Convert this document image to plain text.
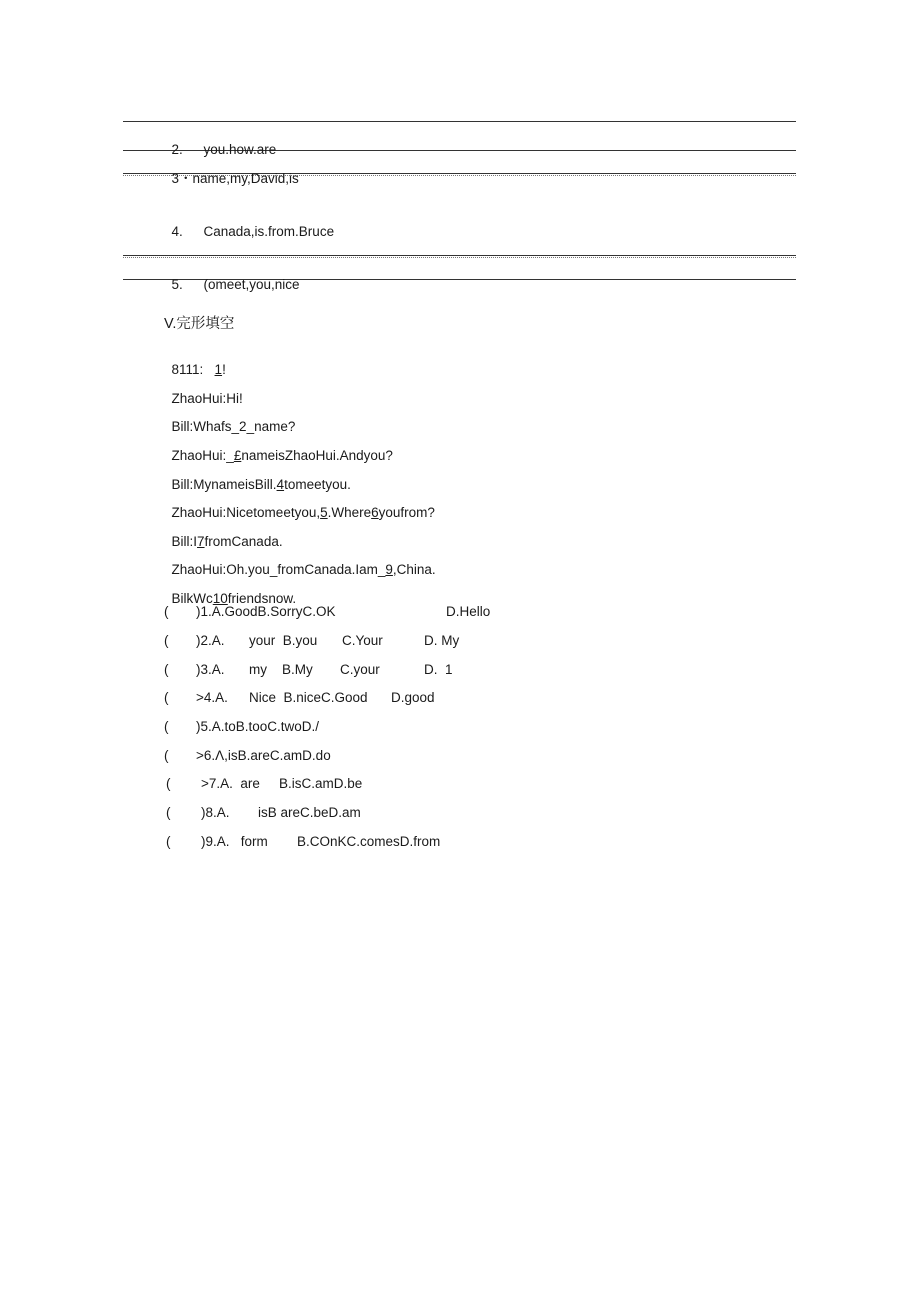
2. you.how.are

3・name,my,David,is

4. Canada,is.from.Bruce

5. (omeet,you,nice

V.完形填空

8111:   1!

ZhaoHui:Hi!

Bill:Whafs_2_name?

ZhaoHui:_£nameisZhaoHui.Andyou?

Bill:MynameisBill.4tomeetyou.

ZhaoHui:Nicetomeetyou,5.Where6youfrom?

Bill:I7fromCanada.

ZhaoHui:Oh.you_fromCanada.Iam_9,China.

BilkWc10friendsnow.

( )1.A.GoodB.SorryC.OK	D.Hello
( )2.A. your  B.you C.Your	D. My
( )3.A. my    B.My C.your	D.  1
( >4.A. Nice  B.niceC.Good D.good
( )5.A.toB.tooC.twoD./
( >6.Λ,isB.areC.amD.do
( >7.A.  are B.isC.amD.be
( )8.A. isB areC.beD.am
( )9.A.   form B.COnKC.comesD.from
